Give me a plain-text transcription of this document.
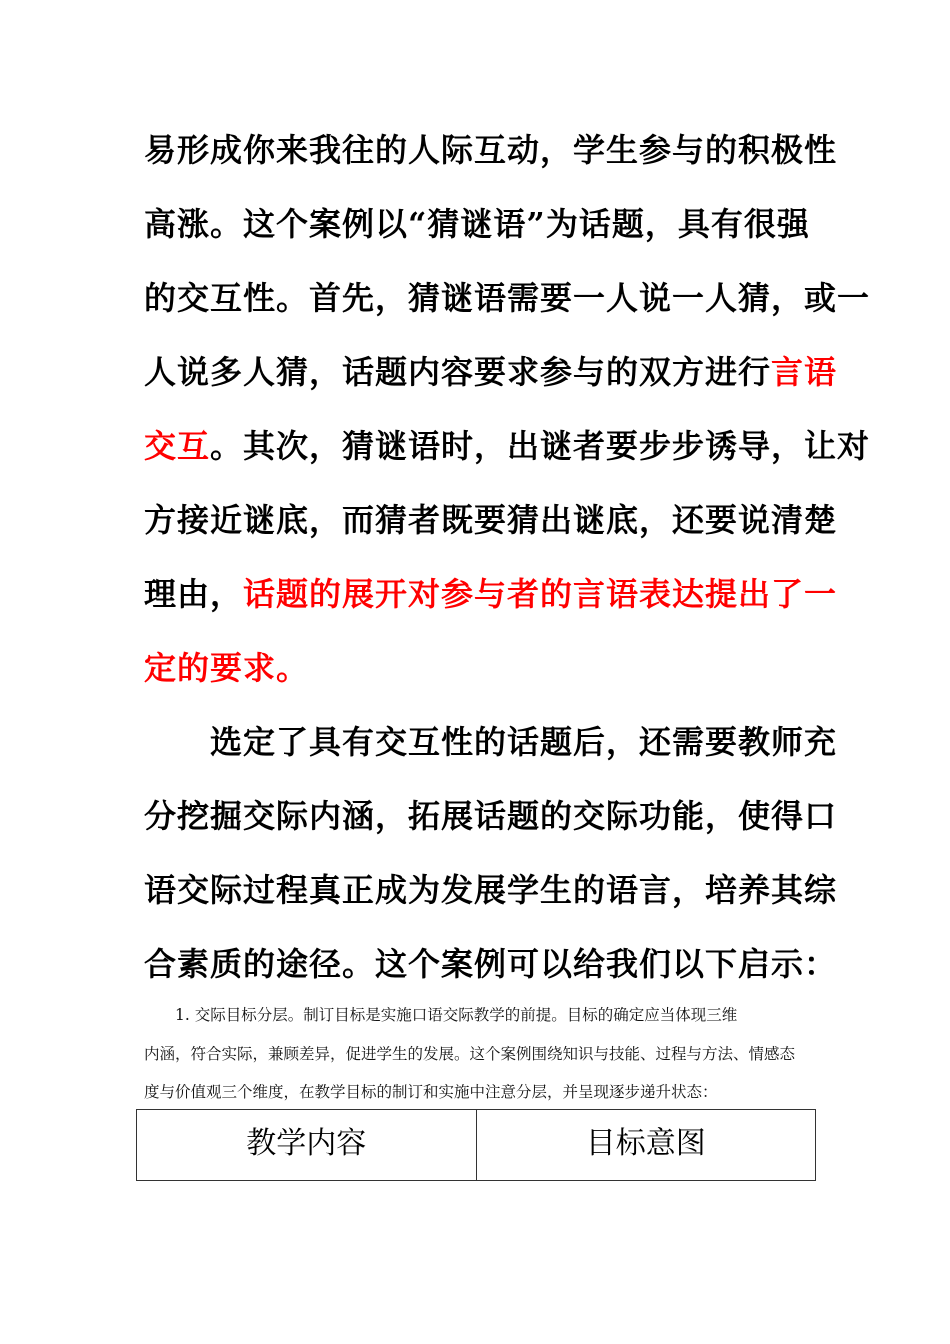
易形成你来我往的人际互动，学生参与的积极性
高涨。这个案例以“猜谜语”为话题，具有很强
的交互性。首先，猜谜语需要一人说一人猜，或一
人说多人猜，话题内容要求参与的双方进行言语
交互。其次，猜谜语时，出谜者要步步诱导，让对
方接近谜底，而猜者既要猜出谜底，还要说清楚
理由，话题的展开对参与者的言语表达提出了一
定的要求。
　　选定了具有交互性的话题后，还需要教师充
分挖掘交际内涵，拓展话题的交际功能，使得口
语交际过程真正成为发展学生的语言，培养其综
合素质的途径。这个案例可以给我们以下启示：
　　1. 交际目标分层。制订目标是实施口语交际教学的前提。目标的确定应当体现三维
内涵，符合实际，兼顾差异，促进学生的发展。这个案例围绕知识与技能、过程与方法、情感态
度与价值观三个维度，在教学目标的制订和实施中注意分层，并呈现逐步递升状态：
教学内容	目标意图
